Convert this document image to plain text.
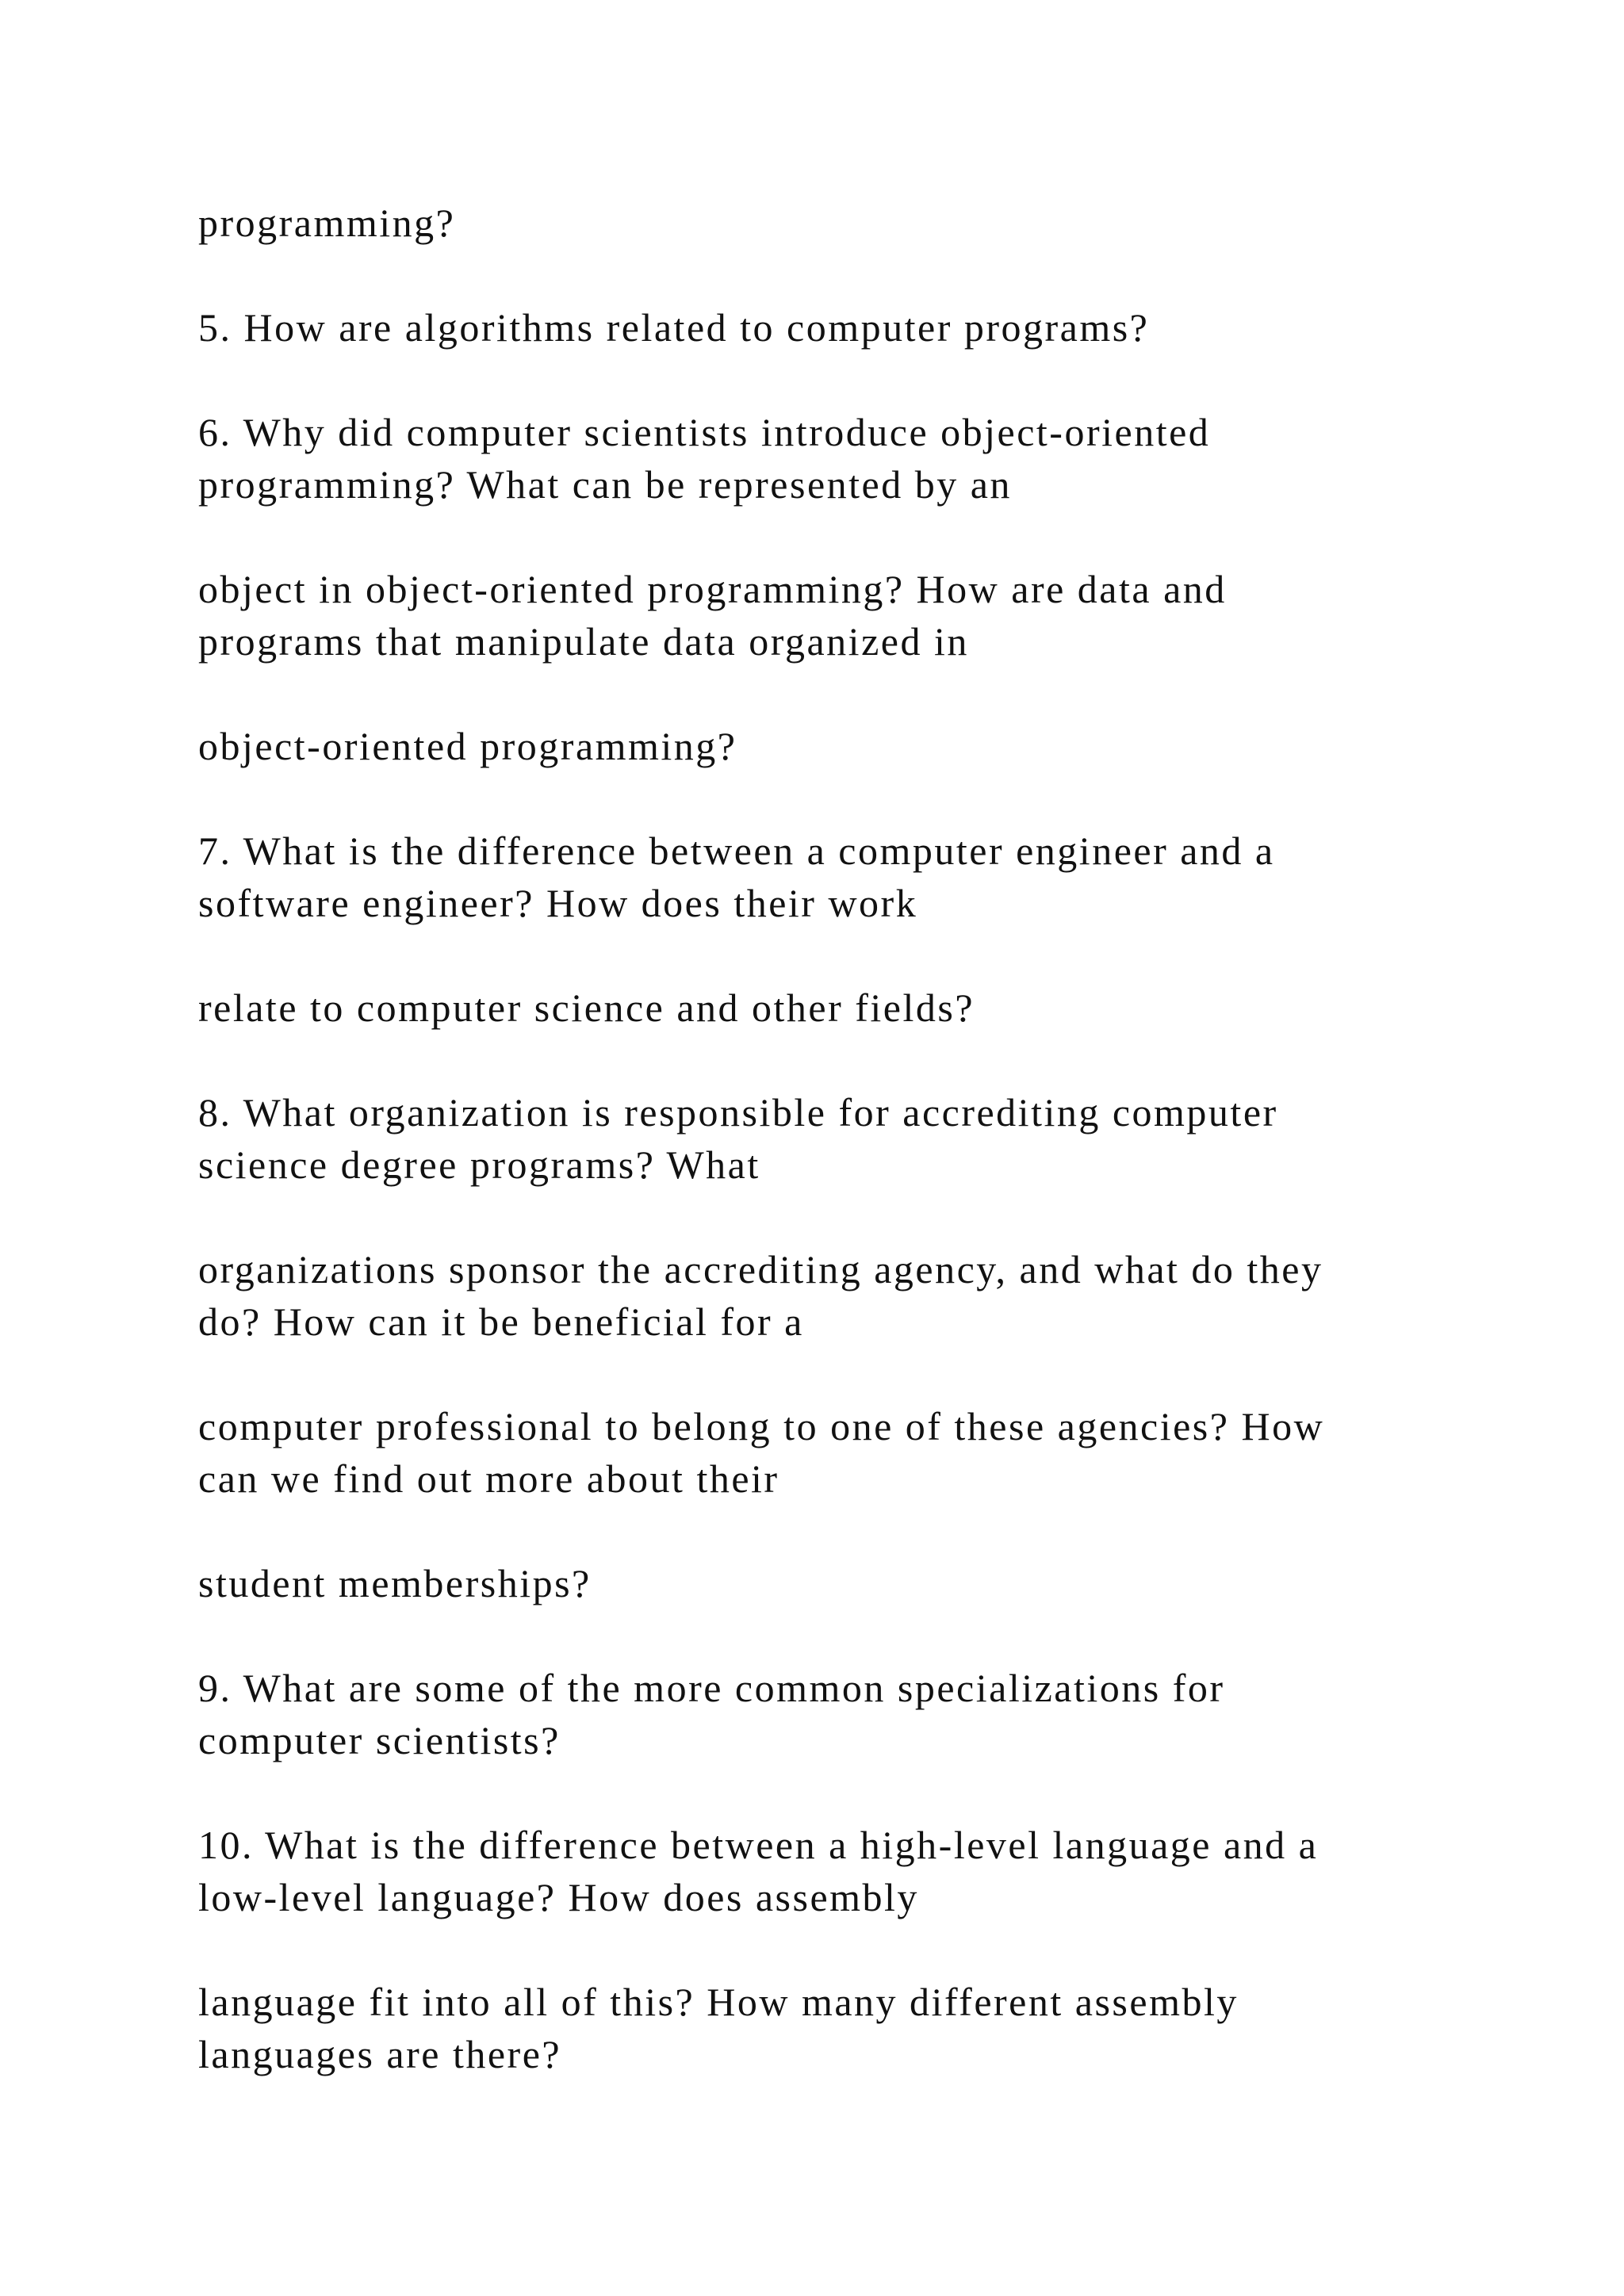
programming?
5. How are algorithms related to computer programs?
6. Why did computer scientists introduce object-oriented
programming? What can be represented by an
object in object-oriented programming? How are data and
programs that manipulate data organized in
object-oriented programming?
7. What is the difference between a computer engineer and a
software engineer? How does their work
relate to computer science and other fields?
8. What organization is responsible for accrediting computer
science degree programs? What
organizations sponsor the accrediting agency, and what do they
do? How can it be beneficial for a
computer professional to belong to one of these agencies? How
can we find out more about their
student memberships?
9. What are some of the more common specializations for
computer scientists?
10. What is the difference between a high-level language and a
low-level language? How does assembly
language fit into all of this? How many different assembly
languages are there?
